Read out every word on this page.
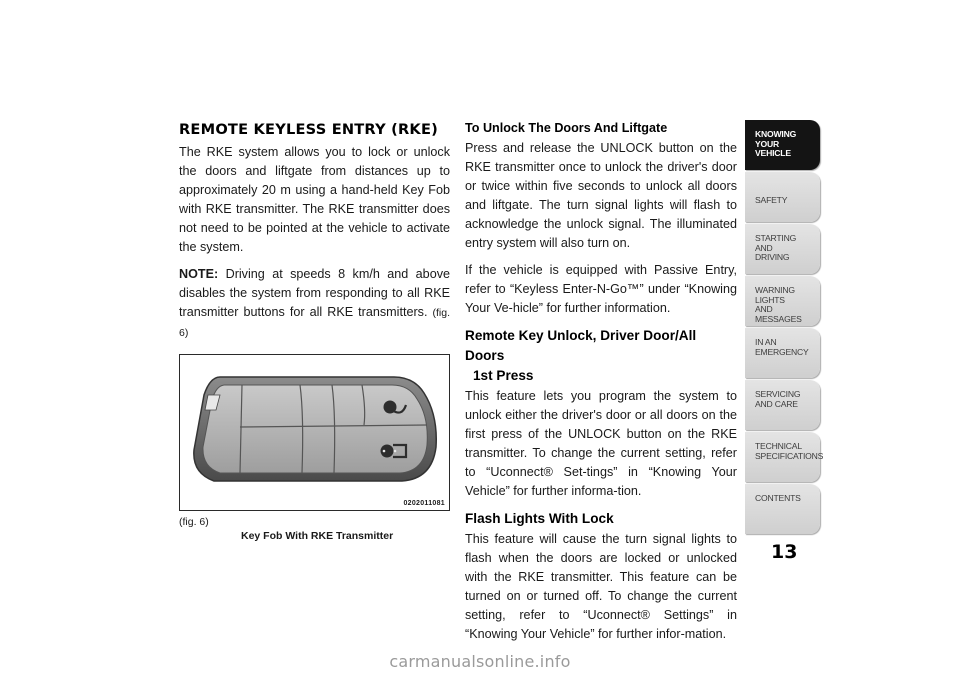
REMOTE KEYLESS ENTRY (RKE)

The RKE system allows you to lock or unlock the doors and liftgate from distances up to approximately 20 m using a hand-held Key Fob with RKE transmitter. The RKE transmitter does not need to be pointed at the vehicle to activate the system.

NOTE: Driving at speeds 8 km/h and above disables the system from responding to all RKE transmitter buttons for all RKE transmitters. (fig. 6)

0202011081
(fig. 6)
Key Fob With RKE Transmitter
To Unlock The Doors And Liftgate

Press and release the UNLOCK button on the RKE transmitter once to unlock the driver's door or twice within five seconds to unlock all doors and liftgate. The turn signal lights will flash to acknowledge the unlock signal. The illuminated entry system will also turn on.

If the vehicle is equipped with Passive Entry, refer to “Keyless Enter-N-Go™” under “Knowing Your Ve-hicle” for further information.

Remote Key Unlock, Driver Door/All Doors
1st Press

This feature lets you program the system to unlock either the driver's door or all doors on the first press of the UNLOCK button on the RKE transmitter. To change the current setting, refer to “Uconnect® Set-tings” in “Knowing Your Vehicle” for further informa-tion.

Flash Lights With Lock

This feature will cause the turn signal lights to flash when the doors are locked or unlocked with the RKE transmitter. This feature can be turned on or turned off. To change the current setting, refer to “Uconnect® Settings” in “Knowing Your Vehicle” for further infor-mation.

KNOWING
YOUR
VEHICLE
SAFETY
STARTING
AND
DRIVING
WARNING
LIGHTS
AND
MESSAGES
IN AN
EMERGENCY
SERVICING
AND CARE
TECHNICAL
SPECIFICATIONS
CONTENTS
13
carmanualsonline.info
